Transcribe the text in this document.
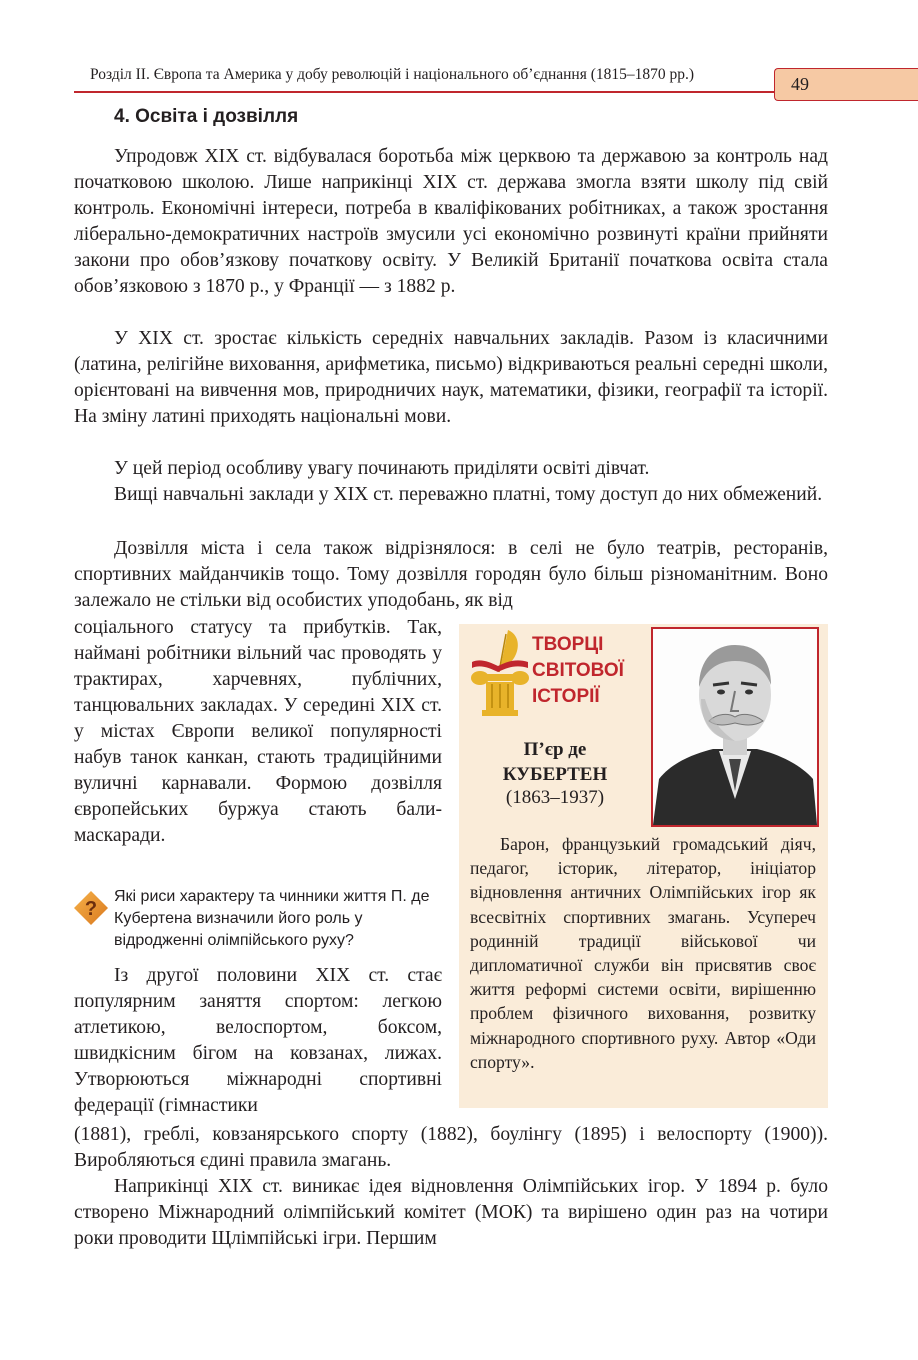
Розділ ІІ. Європа та Америка у добу революцій і національного об’єднання (1815–1870 рр.)	49
4. Освіта і дозвілля
Упродовж XIX ст. відбувалася боротьба між церквою та державою за контроль над початковою школою. Лише наприкінці XIX ст. держава змогла взяти школу під свій контроль. Економічні інтереси, потреба в кваліфікованих робітниках, а також зростання ліберально-демократичних настроїв змусили усі економічно розвинуті країни прийняти закони про обов’язкову початкову освіту. У Великій Британії початкова освіта стала обов’язковою з 1870 р., у Франції — з 1882 р.
У XIX ст. зростає кількість середніх навчальних закладів. Разом із класичними (латина, релігійне виховання, арифметика, письмо) відкриваються реальні середні школи, орієнтовані на вивчення мов, природничих наук, математики, фізики, географії та історії. На зміну латині приходять національні мови.
У цей період особливу увагу починають приділяти освіті дівчат.
Вищі навчальні заклади у XIX ст. переважно платні, тому доступ до них обмежений.
Дозвілля міста і села також відрізнялося: в селі не було театрів, ресторанів, спортивних майданчиків тощо. Тому дозвілля городян було більш різноманітним. Воно залежало не стільки від особистих уподобань, як від
соціального статусу та прибутків. Так, наймані робітники вільний час проводять у трактирах, харчевнях, публічних, танцювальних закладах. У середині XIX ст. у містах Європи великої популярності набув танок канкан, стають традиційними вуличні карнавали. Формою дозвілля європейських буржуа стають бали-маскаради.
?
Які риси характеру та чинники життя П. де Кубертена визначили його роль у відродженні олімпійського руху?
Із другої половини XIX ст. стає популярним заняття спортом: легкою атлетикою, велоспортом, боксом, швидкісним бігом на ковзанах, лижах. Утворюються міжнародні спортивні федерації (гімнастики
ТВОРЦІ
СВІТОВОЇ
ІСТОРІЇ
П’єр де
КУБЕРТЕН
(1863–1937)
Барон, французький громадський діяч, педагог, історик, літератор, ініціатор відновлення античних Олімпійських ігор як всесвітніх спортивних змагань. Усупереч родинній традиції військової чи дипломатичної служби він присвятив своє життя реформі системи освіти, вирішенню проблем фізичного виховання, розвитку міжнародного спортивного руху. Автор «Оди спорту».
(1881), греблі, ковзанярського спорту (1882), боулінгу (1895) і велоспорту (1900)). Виробляються єдині правила змагань.
Наприкінці XIX ст. виникає ідея відновлення Олімпійських ігор. У 1894 р. було створено Міжнародний олімпійський комітет (МОК) та вирішено один раз на чотири роки проводити Щлімпійські ігри. Першим
